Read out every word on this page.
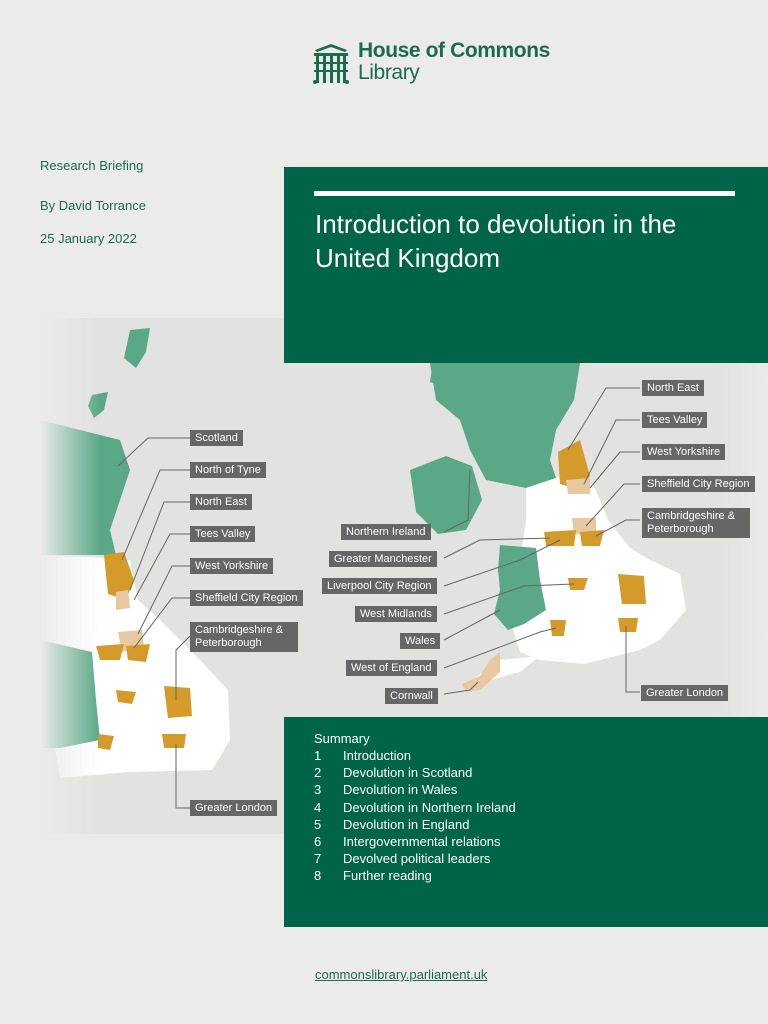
House of Commons
Library
Research Briefing
By David Torrance
25 January 2022
Scotland
North of Tyne
North East
Tees Valley
West Yorkshire
Sheffield City Region
Cambridgeshire & Peterborough
Greater London
North East
Tees Valley
West Yorkshire
Sheffield City Region
Cambridgeshire & Peterborough
Northern Ireland
Greater Manchester
Liverpool City Region
West Midlands
Wales
West of England
Cornwall	Greater London
Introduction to devolution in the United Kingdom
Summary
1 Introduction
2 Devolution in Scotland
3 Devolution in Wales
4 Devolution in Northern Ireland
5 Devolution in England
6 Intergovernmental relations
7 Devolved political leaders
8 Further reading
commonslibrary.parliament.uk
